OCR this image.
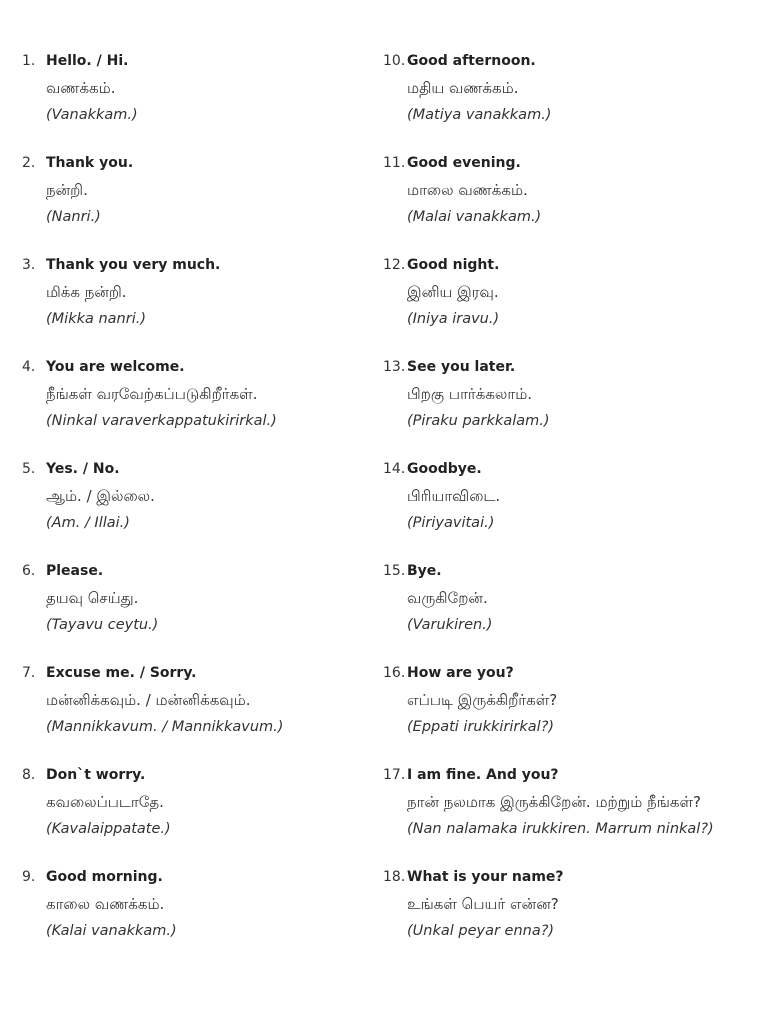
1. Hello. / Hi.
வணக்கம்.
(Vanakkam.)
2. Thank you.
நன்றி.
(Nanri.)
3. Thank you very much.
மிக்க நன்றி.
(Mikka nanri.)
4. You are welcome.
நீங்கள் வரவேற்கப்படுகிறீர்கள்.
(Ninkal varaverkappatukirirkal.)
5. Yes. / No.
ஆம். / இல்லை.
(Am. / Illai.)
6. Please.
தயவு செய்து.
(Tayavu ceytu.)
7. Excuse me. / Sorry.
மன்னிக்கவும். / மன்னிக்கவும்.
(Mannikkavum. / Mannikkavum.)
8. Don`t worry.
கவலைப்படாதே.
(Kavalaippatate.)
9. Good morning.
காலை வணக்கம்.
(Kalai vanakkam.)
10. Good afternoon.
மதிய வணக்கம்.
(Matiya vanakkam.)
11. Good evening.
மாலை வணக்கம்.
(Malai vanakkam.)
12. Good night.
இனிய இரவு.
(Iniya iravu.)
13. See you later.
பிறகு பார்க்கலாம்.
(Piraku parkkalam.)
14. Goodbye.
பிரியாவிடை.
(Piriyavitai.)
15. Bye.
வருகிறேன்.
(Varukiren.)
16. How are you?
எப்படி இருக்கிறீர்கள்?
(Eppati irukkirirkal?)
17. I am fine. And you?
நான் நலமாக இருக்கிறேன். மற்றும் நீங்கள்?
(Nan nalamaka irukkiren. Marrum ninkal?)
18. What is your name?
உங்கள் பெயர் என்ன?
(Unkal peyar enna?)
